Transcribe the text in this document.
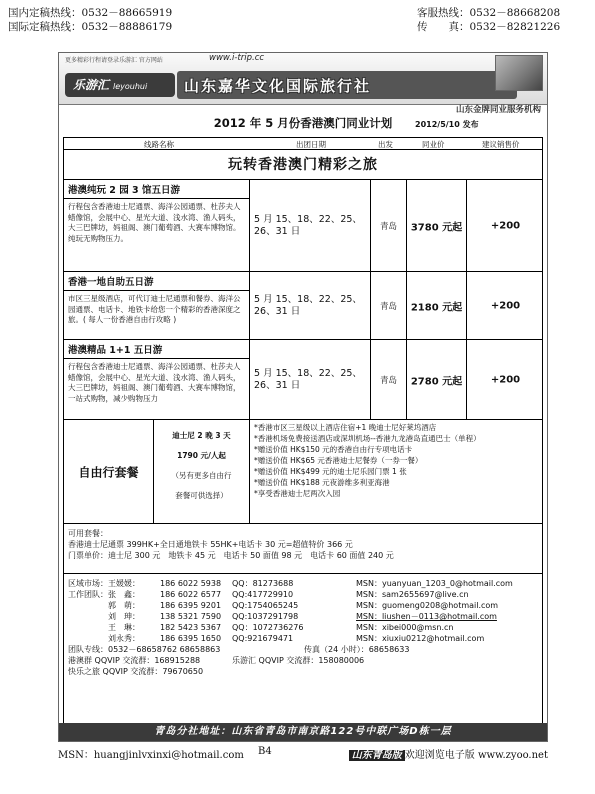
国内定稿热线：0532－88665919
国际定稿热线：0532－88886179
客服热线：0532－88668208
传　　真：0532－82821226
更多精彩行程请登录乐游汇 官方网站	www.i-trip.cc
乐游汇 leyouhui	山东嘉华文化国际旅行社
山东金牌同业服务机构
2012 年 5 月份香港澳门同业计划	2012/5/10 发布
线路名称	出团日期	出发	同业价	建议销售价
玩转香港澳门精彩之旅
港澳纯玩 2 园 3 馆五日游
行程包含香港迪士尼通票、海洋公园通票、杜莎夫人蜡像馆，会展中心、星光大道、浅水湾、渔人码头，大三巴牌坊，妈祖阁、澳门葡萄酒、大赛车博物馆。纯玩无购物压力。
5 月 15、18、22、25、26、31 日	青岛	3780 元起	+200
香港一地自助五日游
市区三星级酒店，可代订迪士尼通票和餐券、海洋公园通票、电话卡、地铁卡给您一个精彩的香港深度之旅。( 每人一份香港自由行攻略 )
5 月 15、18、22、25、26、31 日	青岛	2180 元起	+200
港澳精品 1+1 五日游
行程包含香港迪士尼通票、海洋公园通票、杜莎夫人蜡像馆，会展中心、星光大道、浅水湾、渔人码头，大三巴牌坊，妈祖阁、澳门葡萄酒、大赛车博物馆，一站式购物，减少购物压力
5 月 15、18、22、25、26、31 日	青岛	2780 元起	+200
自由行套餐
迪士尼 2 晚 3 天
1790 元/人起
（另有更多自由行
套餐可供选择）
*香港市区三星级以上酒店住宿+1 晚迪士尼好莱坞酒店
*香港机场免费接送酒店或深圳机场--香港九龙港岛直通巴士（单程）
*赠送价值 HK$150 元的香港自由行专项电话卡
*赠送价值 HK$65 元香港迪士尼餐券（一券一餐）
*赠送价值 HK$499 元的迪士尼乐园门票 1 张
*赠送价值 HK$188 元夜游维多利亚海港
*享受香港迪士尼两次入园
可用套餐：
香港迪士尼通票 399HK+全日通地铁卡 55HK+电话卡 30 元=超值特价 366 元
门票单价：迪士尼 300 元　地铁卡 45 元　电话卡 50 面值 98 元　电话卡 60 面值 240 元
区域市场： 王媛媛：	186 6022 5938 QQ：81273688	MSN：yuanyuan_1203_0@hotmail.com
工作团队： 张　鑫：	186 6022 6577 QQ:417729910	MSN：sam2655697@live.cn
郭　萌：	186 6395 9201 QQ:1754065245	MSN：guomeng0208@hotmail.com
刘　珅：	138 5321 7590 QQ:1037291798	MSN：liushen－0113@hotmail.com
王　琳：	182 5423 5367 QQ：1072736276	MSN：xibei000@msn.cn
刘永秀：	186 6395 1650 QQ:921679471	MSN：xiuxiu0212@hotmail.com
团队专线：0532－68658762 68658863	传真（24 小时）：68658633
港澳群 QQVIP 交流群：168915288	乐游汇 QQVIP 交流群：158080006
快乐之旅 QQVIP 交流群：79670650
青岛分社地址：山东省青岛市南京路122号中联广场D栋一层
MSN：huangjinlvxinxi@hotmail.com B4	山东青岛版 欢迎浏览电子版 www.zyoo.net
